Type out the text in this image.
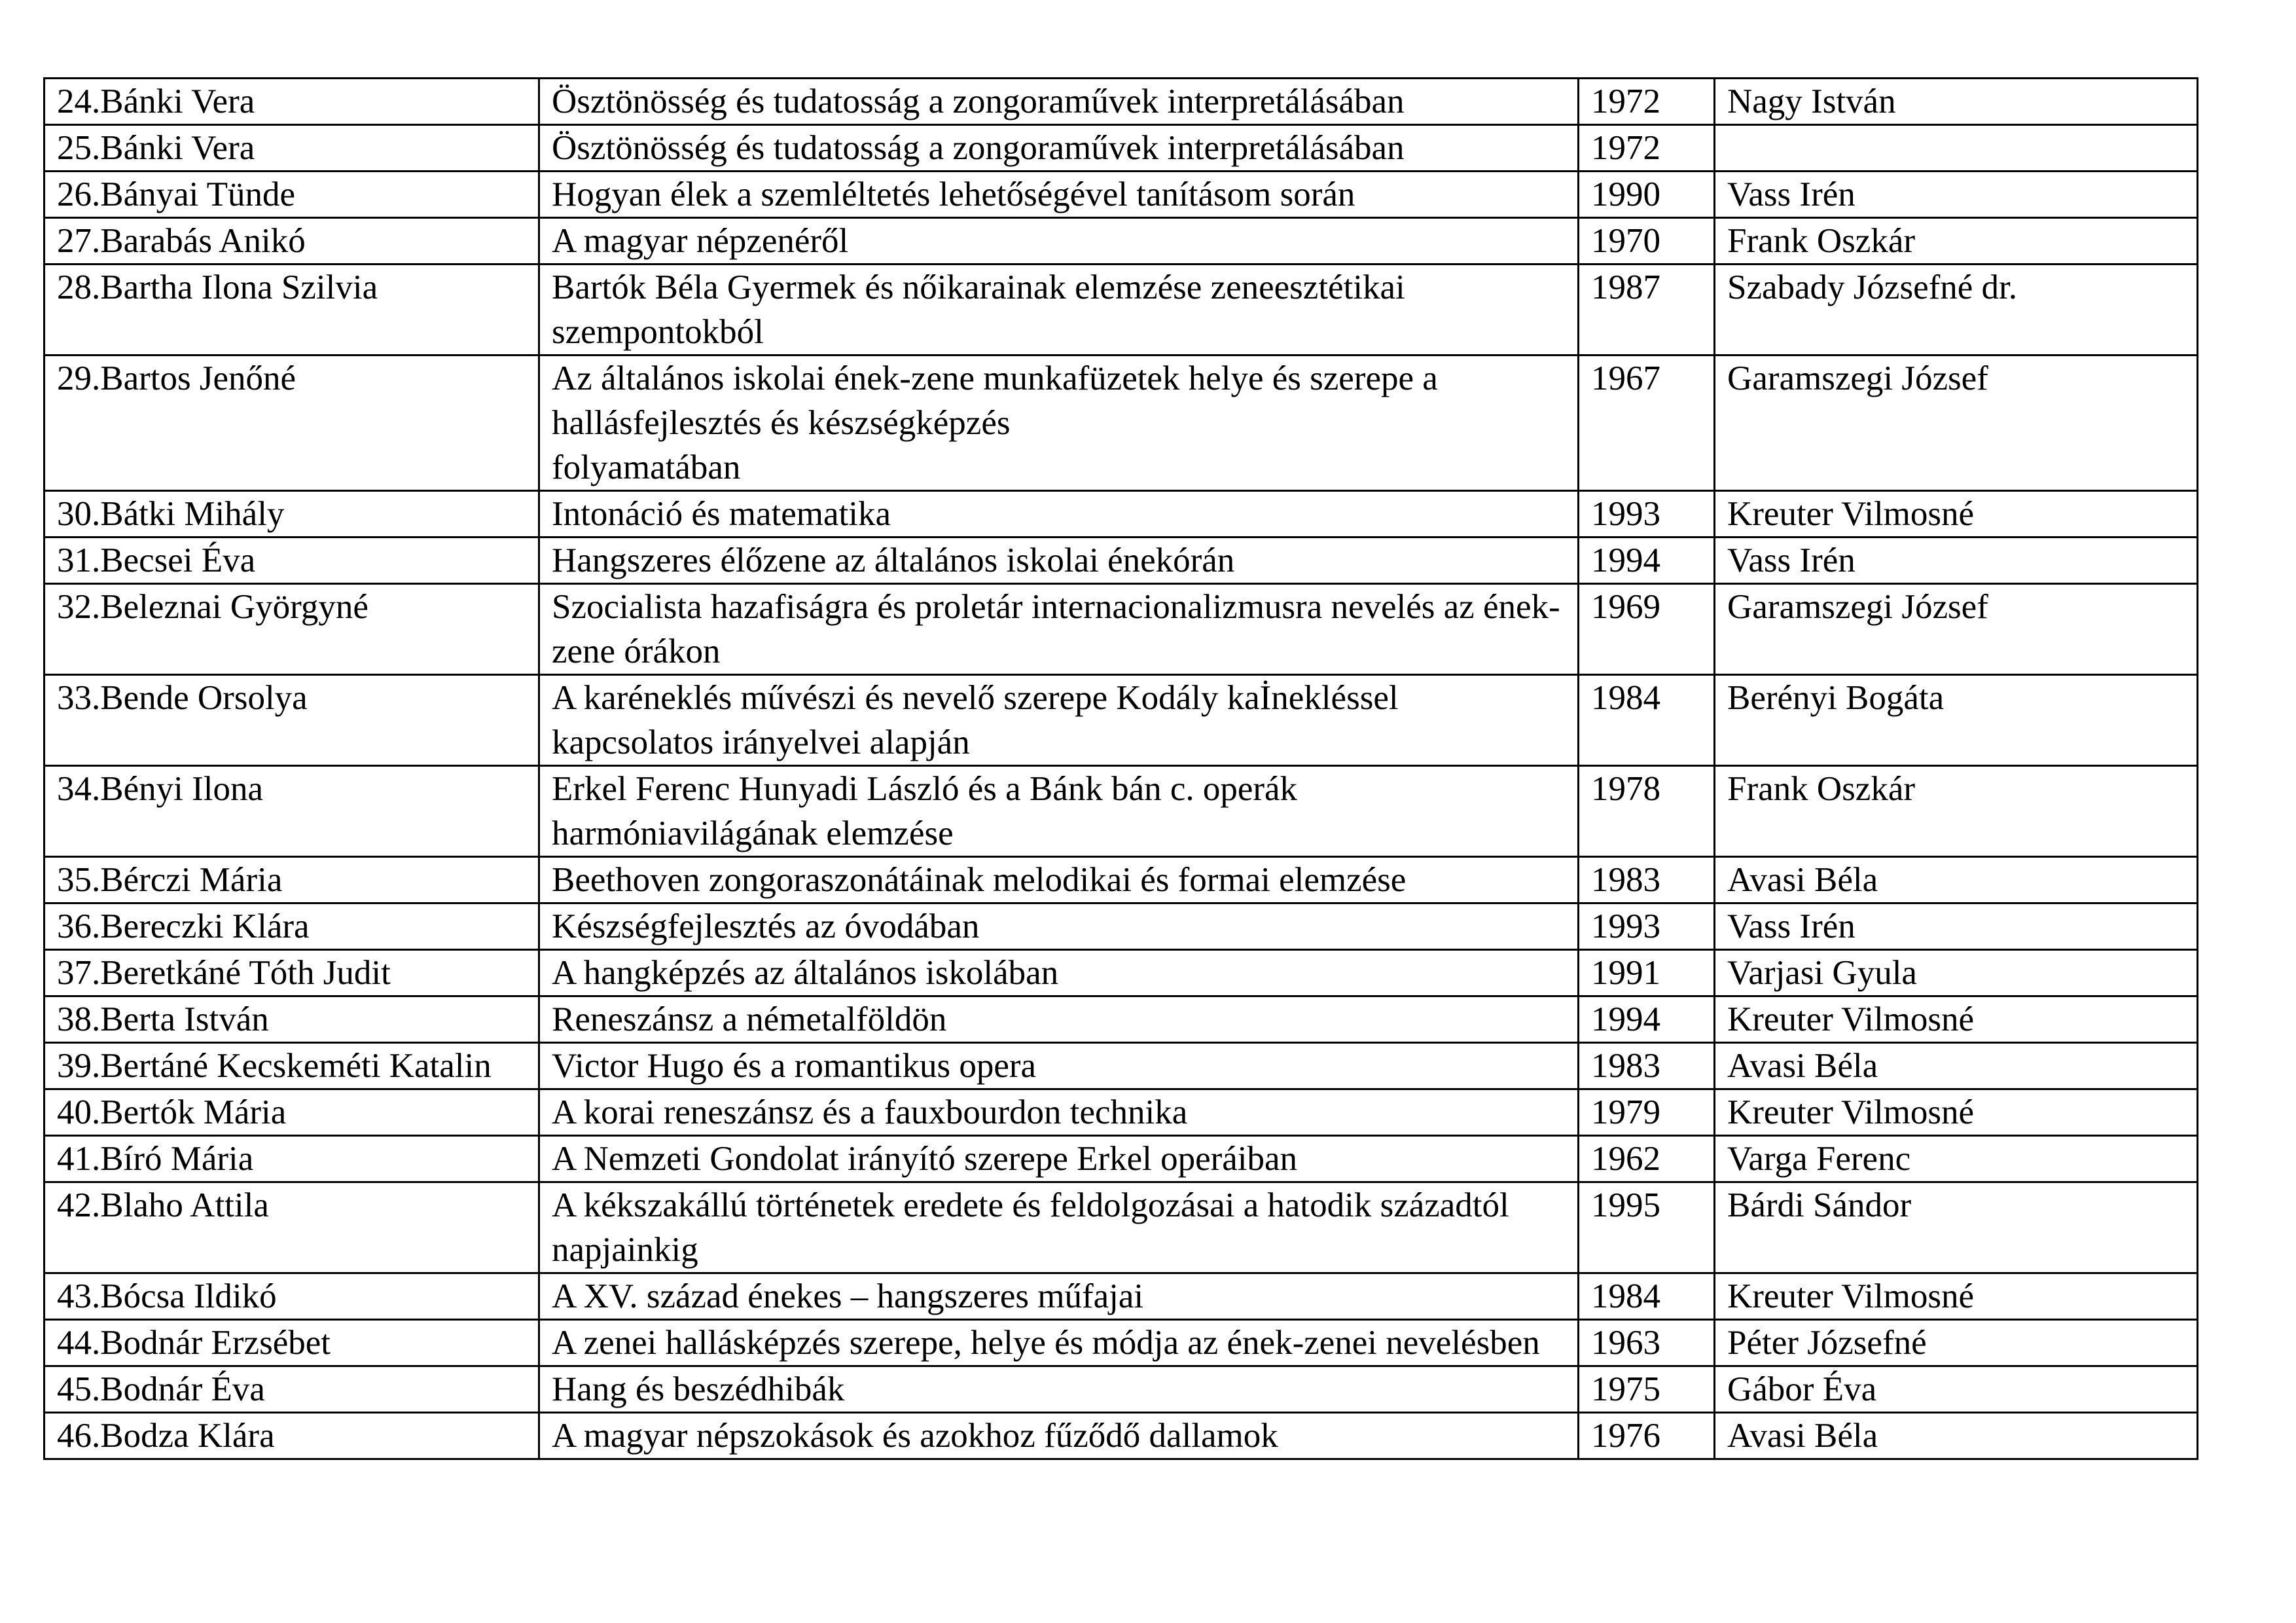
24. Bánki Vera	Ösztönösség és tudatosság a zongoraművek interpretálásában	1972	Nagy István

25. Bánki Vera	Ösztönösség és tudatosság a zongoraművek interpretálásában	1972	

26. Bányai Tünde	Hogyan élek a szemléltetés lehetőségével tanításom során	1990	Vass Irén

27. Barabás Anikó	A magyar népzenéről	1970	Frank Oszkár

28. Bartha Ilona Szilvia	Bartók Béla Gyermek és nőikarainak elemzése zeneesztétikai szempontokból	1987	Szabady Józsefné dr.

29. Bartos Jenőné	Az általános iskolai ének-zene munkafüzetek helye és szerepe a hallásfejlesztés és készségképzés
folyamatában	1967	Garamszegi József

30. Bátki Mihály	Intonáció és matematika	1993	Kreuter Vilmosné

31. Becsei Éva	Hangszeres élőzene az általános iskolai énekórán	1994	Vass Irén

32. Beleznai Györgyné	Szocialista hazafiságra és proletár internacionalizmusra nevelés az ének-zene órákon	1969	Garamszegi József

33. Bende Orsolya	A karéneklés művészi és nevelő szerepe Kodály kaİnekléssel kapcsolatos irányelvei alapján	1984	Berényi Bogáta

34. Bényi Ilona	Erkel Ferenc Hunyadi László és a Bánk bán c. operák harmóniavilágának elemzése	1978	Frank Oszkár

35. Bérczi Mária	Beethoven zongoraszonátáinak melodikai és formai elemzése	1983	Avasi Béla

36. Bereczki Klára	Készségfejlesztés az óvodában	1993	Vass Irén

37. Beretkáné Tóth Judit	A hangképzés az általános iskolában	1991	Varjasi Gyula

38. Berta István	Reneszánsz a németalföldön	1994	Kreuter Vilmosné

39. Bertáné Kecskeméti Katalin	Victor Hugo és a romantikus opera	1983	Avasi Béla

40. Bertók Mária	A korai reneszánsz és a fauxbourdon technika	1979	Kreuter Vilmosné

41. Bíró Mária	A Nemzeti Gondolat irányító szerepe Erkel operáiban	1962	Varga Ferenc

42. Blaho Attila	A kékszakállú történetek eredete és feldolgozásai a hatodik századtól napjainkig	1995	Bárdi Sándor

43. Bócsa Ildikó	A XV. század énekes – hangszeres műfajai	1984	Kreuter Vilmosné

44. Bodnár Erzsébet	A zenei hallásképzés szerepe, helye és módja az ének-zenei nevelésben	1963	Péter Józsefné

45. Bodnár Éva	Hang és beszédhibák	1975	Gábor Éva

46. Bodza Klára	A magyar népszokások és azokhoz fűződő dallamok	1976	Avasi Béla
